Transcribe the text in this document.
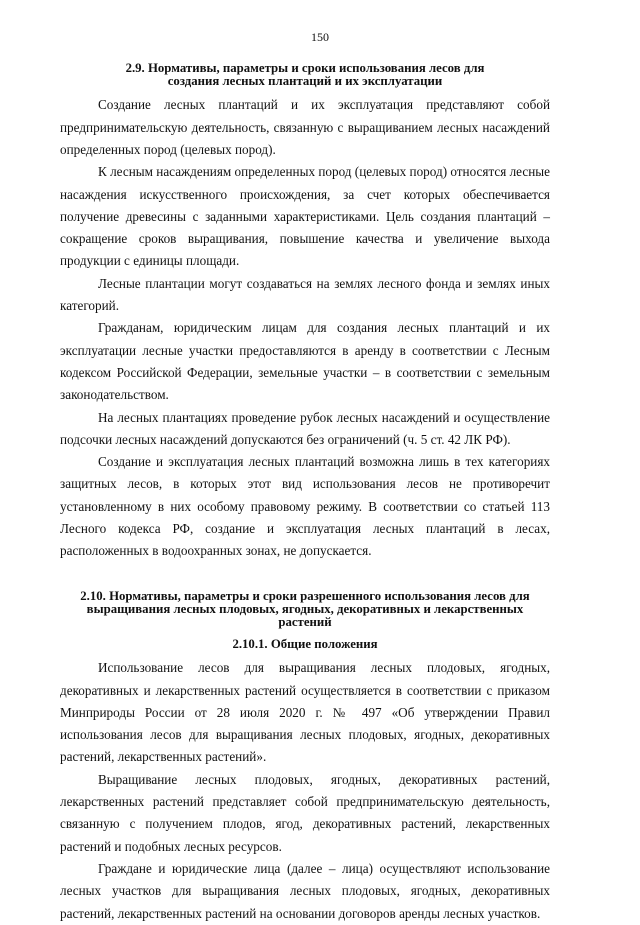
150
2.9. Нормативы, параметры и сроки использования лесов для
создания лесных плантаций и их эксплуатации

Создание лесных плантаций и их эксплуатация представляют собой предпринимательскую деятельность, связанную с выращиванием лесных насаждений определенных пород (целевых пород).

К лесным насаждениям определенных пород (целевых пород) относятся лесные насаждения искусственного происхождения, за счет которых обеспечивается получение древесины с заданными характеристиками. Цель создания плантаций – сокращение сроков выращивания, повышение качества и увеличение выхода продукции с единицы площади.

Лесные плантации могут создаваться на землях лесного фонда и землях иных категорий.

Гражданам, юридическим лицам для создания лесных плантаций и их эксплуатации лесные участки предоставляются в аренду в соответствии с Лесным кодексом Российской Федерации, земельные участки – в соответствии с земельным законодательством.

На лесных плантациях проведение рубок лесных насаждений и осуществление подсочки лесных насаждений допускаются без ограничений (ч. 5 ст. 42 ЛК РФ).

Создание и эксплуатация лесных плантаций возможна лишь в тех категориях защитных лесов, в которых этот вид использования лесов не противоречит установленному в них особому правовому режиму. В соответствии со статьей 113 Лесного кодекса РФ, создание и эксплуатация лесных плантаций в лесах, расположенных в водоохранных зонах, не допускается.

2.10. Нормативы, параметры и сроки разрешенного использования лесов для
выращивания лесных плодовых, ягодных, декоративных и лекарственных растений
2.10.1. Общие положения

Использование лесов для выращивания лесных плодовых, ягодных, декоративных и лекарственных растений осуществляется в соответствии с приказом Минприроды России от 28 июля 2020 г. № 497 «Об утверждении Правил использования лесов для выращивания лесных плодовых, ягодных, декоративных растений, лекарственных растений».

Выращивание лесных плодовых, ягодных, декоративных растений, лекарственных растений представляет собой предпринимательскую деятельность, связанную с получением плодов, ягод, декоративных растений, лекарственных растений и подобных лесных ресурсов.

Граждане и юридические лица (далее – лица) осуществляют использование лесных участков для выращивания лесных плодовых, ягодных, декоративных растений, лекарственных растений на основании договоров аренды лесных участков.
